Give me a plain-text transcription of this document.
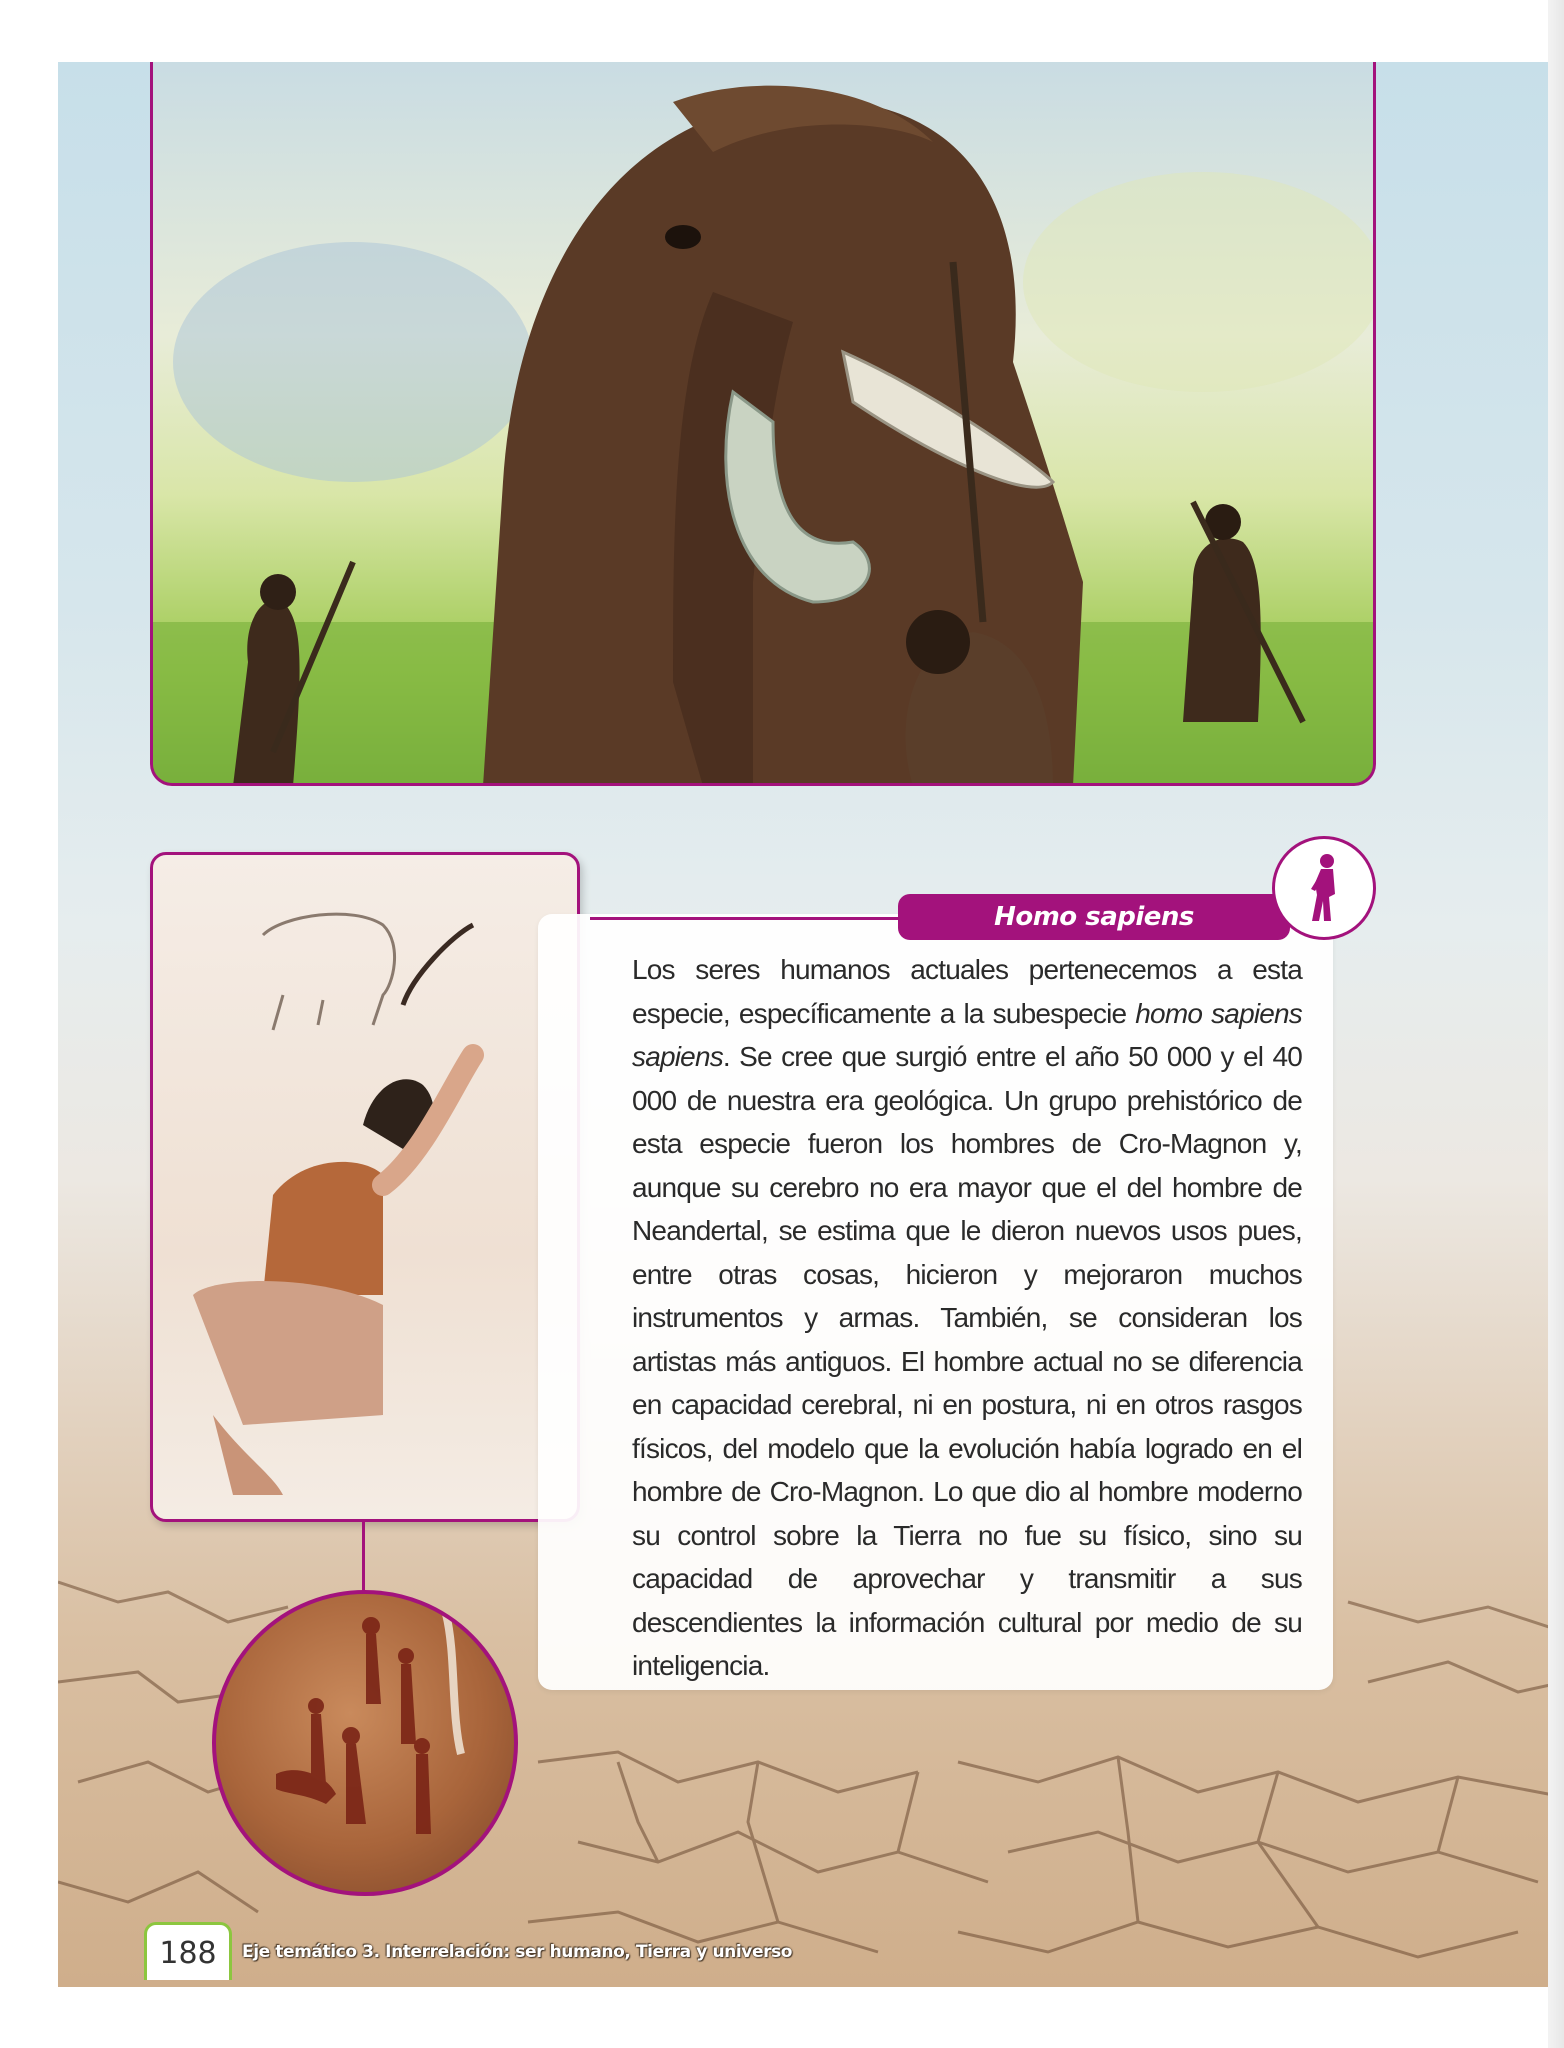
Homo sapiens
Los seres humanos actuales pertenecemos a esta especie, específicamente a la subespecie homo sapiens sapiens. Se cree que surgió entre el año 50 000 y el 40 000 de nuestra era geológica. Un grupo prehistórico de esta especie fueron los hombres de Cro-Magnon y, aunque su cerebro no era mayor que el del hombre de Neandertal, se estima que le dieron nuevos usos pues, entre otras cosas, hicieron y mejoraron muchos instrumentos y armas. También, se consideran los artistas más antiguos. El hombre actual no se diferencia en capacidad cerebral, ni en postura, ni en otros rasgos físicos, del modelo que la evolución había logrado en el hombre de Cro-Magnon. Lo que dio al hombre moderno su control sobre la Tierra no fue su físico, sino su capacidad de aprovechar y transmitir a sus descendientes la información cultural por medio de su inteligencia.
188	Eje temático 3. Interrelación: ser humano, Tierra y universo
